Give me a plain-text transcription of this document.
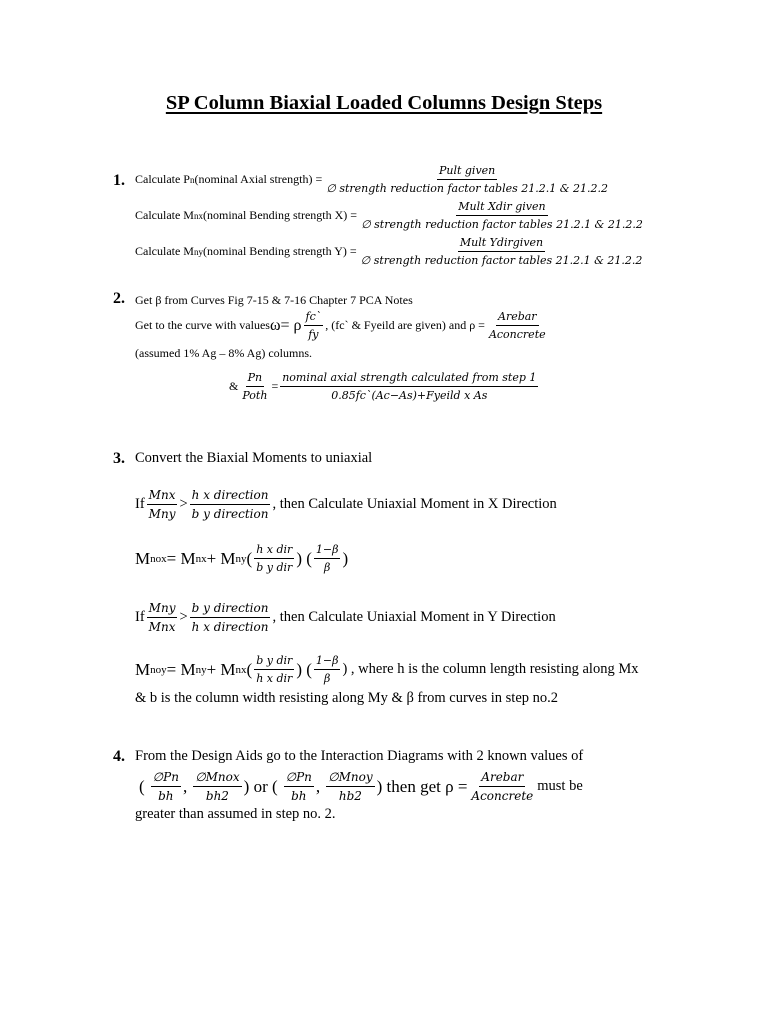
SP Column Biaxial Loaded Columns Design Steps
1. Calculate P n (nominal Axial strength) = $\frac{\text{Pult given}}{\text{∅ strength reduction factor tables 21.2.1 \& 21.2.2}}$
Calculate M nx (nominal Bending strength $X) = \frac{\text{Mult Xdir given}}{\text{∅ strength reduction factor tables 21.2.1 \& 21.2.2}}$
Calculate M ny (nominal Bending strength $Y) = \frac{\text{Mult Ydirgiven}}{\text{∅ strength reduction factor tables 21.2.1 \& 21.2.2}}$
2. Get β from Curves Fig 7-15 & 7-16 Chapter 7 PCA Notes
Get to the curve with values ω= ρ $\frac{fc`}{fy}$ , (fc` & Fyeild are given) and $\rho = \frac{\text{Arebar}}{\text{Aconcrete}}$
(assumed 1% Ag – 8% Ag) columns.
& $\frac{Pn}{\text{Poth}} = \frac{\text{nominal axial strength calculated from step 1}}{\text{0.85fc`(Ac−As)+Fyeild x As}}$
3. Convert the Biaxial Moments to uniaxial
If $\frac{\text{Mnx}}{\text{Mny}} > \frac{\text{h x direction}}{\text{b y direction}}$ , then Calculate Uniaxial Moment in X Direction
M nox = M nx + M ny ( $\frac{\text{h x dir}}{\text{b y dir}}$ ) ( $\frac{1-\beta}{\beta}$ )
If $\frac{\text{Mny}}{\text{Mnx}} > \frac{\text{b y direction}}{\text{h x direction}}$ , then Calculate Uniaxial Moment in Y Direction
M noy = M ny + M nx ( $\frac{\text{b y dir}}{\text{h x dir}}$ ) ( $\frac{1-\beta}{\beta}$ ) , where h is the column length resisting along Mx
& b is the column width resisting along My & β from curves in step no.2
4. From the Design Aids go to the Interaction Diagrams with 2 known values of
( $\frac{\emptyset Pn}{bh}$ , $\frac{\text{∅Mnox}}{bh2}$ ) or ( $\frac{\emptyset Pn}{bh}$ , $\frac{\text{∅Mnoy}}{hb2}$ ) then get $\rho = \frac{\text{Arebar}}{\text{Aconcrete}}$ must be
greater than assumed in step no. 2.
